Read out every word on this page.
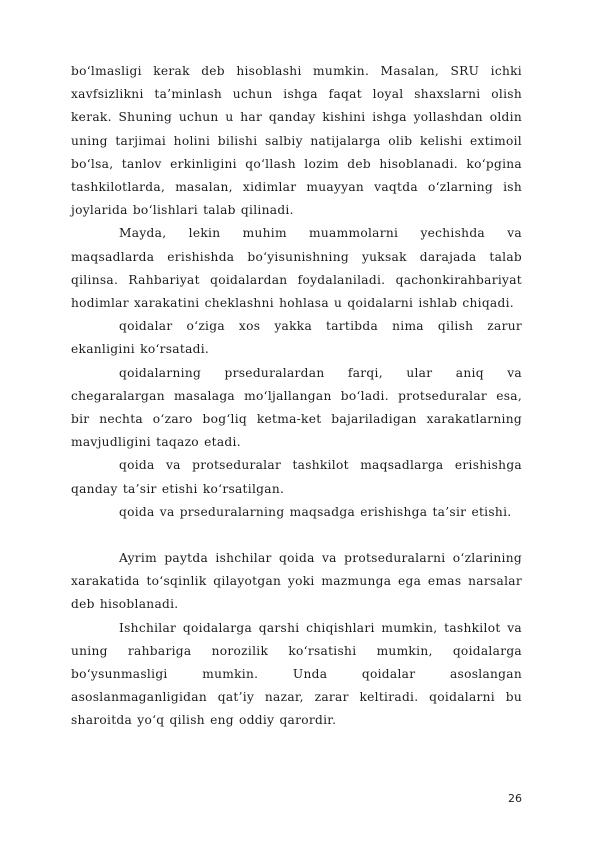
bo‘lmasligi kerak deb hisoblashi mumkin. Masalan, SRU ichki xavfsizlikni ta’minlash uchun ishga faqat loyal shaxslarni olish kerak. Shuning uchun u har qanday kishini ishga yollashdan oldin uning tarjimai holini bilishi salbiy natijalarga olib kelishi extimoil bo‘lsa, tanlov erkinligini qo‘llash lozim deb hisoblanadi. ko‘pgina tashkilotlarda, masalan, xidimlar muayyan vaqtda o‘zlarning ish joylarida bo‘lishlari talab qilinadi.

Mayda, lekin muhim muammolarni yechishda va maqsadlarda erishishda bo‘yisunishning yuksak darajada talab qilinsa. Rahbariyat qoidalardan foydalaniladi. qachonkirahbariyat hodimlar xarakatini cheklashni hohlasa u qoidalarni ishlab chiqadi.

qoidalar o‘ziga xos yakka tartibda nima qilish zarur ekanligini ko‘rsatadi.

qoidalarning prseduralardan farqi, ular aniq va chegaralargan masalaga mo‘ljallangan bo‘ladi. protseduralar esa, bir nechta o‘zaro bog‘liq ketma-ket bajariladigan xarakatlarning mavjudligini taqazo etadi.

qoida va protseduralar tashkilot maqsadlarga erishishga qanday ta’sir etishi ko‘rsatilgan.

qoida va prseduralarning maqsadga erishishga ta’sir etishi.

Ayrim paytda ishchilar qoida va protseduralarni o‘zlarining xarakatida to‘sqinlik qilayotgan yoki mazmunga ega emas narsalar deb hisoblanadi.

Ishchilar qoidalarga qarshi chiqishlari mumkin, tashkilot va uning rahbariga norozilik ko‘rsatishi mumkin, qoidalarga bo‘ysunmasligi mumkin. Unda qoidalar asoslangan asoslanmaganligidan qat’iy nazar, zarar keltiradi. qoidalarni bu sharoitda yo‘q qilish eng oddiy qarordir.

26
